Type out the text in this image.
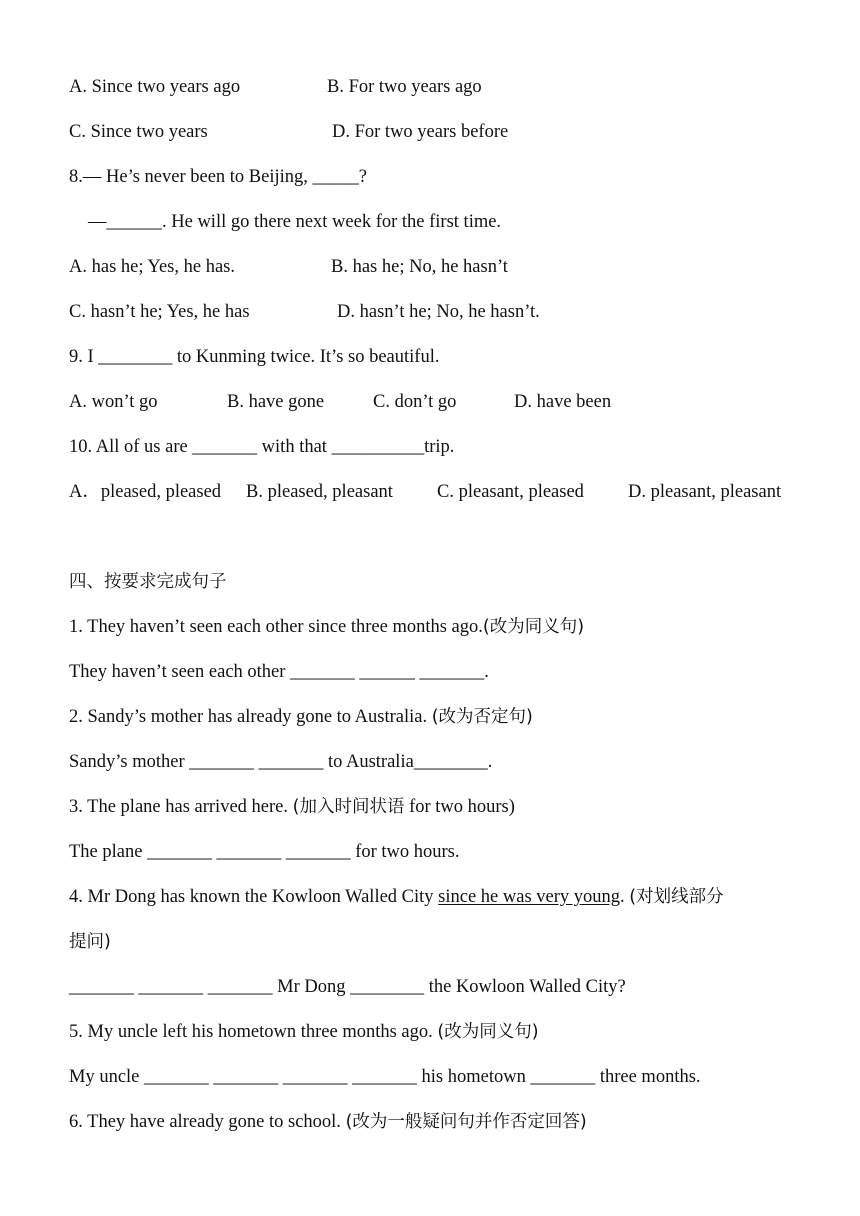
A. Since two years ago	B. For two years ago
C. Since two years	D. For two years before
8.— He’s never been to Beijing, _____?
—______. He will go there next week for the first time.
A. has he; Yes, he has.	B. has he; No, he hasn’t
C. hasn’t he; Yes, he has	D. hasn’t he; No, he hasn’t.
9. I ________ to Kunming twice. It’s so beautiful.
A. won’t go	B. have gone	C. don’t go	D. have been
10. All of us are _______ with that __________trip.
A．pleased, pleased B. pleased, pleasant C. pleasant, pleased D. pleasant, pleasant
四、按要求完成句子
1. They haven’t seen each other since three months ago.(改为同义句)
They haven’t seen each other _______ ______ _______.
2. Sandy’s mother has already gone to Australia. (改为否定句)
Sandy’s mother _______ _______ to Australia________.
3. The plane has arrived here. (加入时间状语 for two hours)
The plane _______ _______ _______ for two hours.
4. Mr Dong has known the Kowloon Walled City since he was very young. (对划线部分
提问)
_______ _______ _______ Mr Dong ________ the Kowloon Walled City?
5. My uncle left his hometown three months ago. (改为同义句)
My uncle _______ _______ _______ _______ his hometown _______ three months.
6. They have already gone to school. (改为一般疑问句并作否定回答)
